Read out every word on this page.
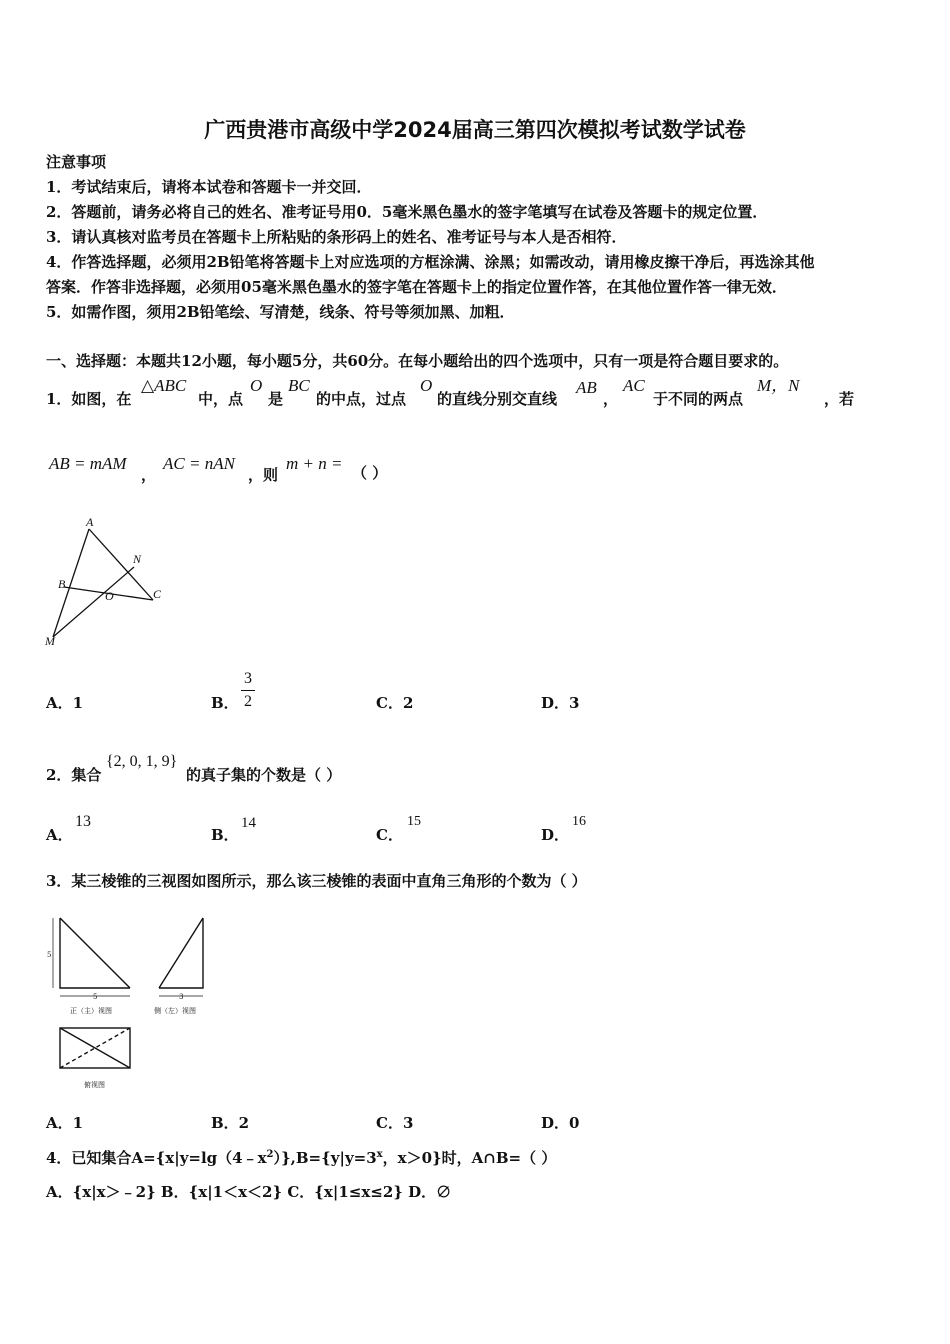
广西贵港市高级中学2024届高三第四次模拟考试数学试卷
注意事项
1．考试结束后，请将本试卷和答题卡一并交回．
2．答题前，请务必将自己的姓名、准考证号用0．5毫米黑色墨水的签字笔填写在试卷及答题卡的规定位置．
3．请认真核对监考员在答题卡上所粘贴的条形码上的姓名、准考证号与本人是否相符．
4．作答选择题，必须用2B铅笔将答题卡上对应选项的方框涂满、涂黑；如需改动，请用橡皮擦干净后，再选涂其他
答案．作答非选择题，必须用05毫米黑色墨水的签字笔在答题卡上的指定位置作答，在其他位置作答一律无效．
5．如需作图，须用2B铅笔绘、写清楚，线条、符号等须加黑、加粗．
一、选择题：本题共12小题，每小题5分，共60分。在每小题给出的四个选项中，只有一项是符合题目要求的。
1．如图，在
△ABC
中，点
O
是
BC
的中点，过点
O
的直线分别交直线
AB
，
AC
于不同的两点
M，N
，若
AB = mAM
，
AC = nAN
，则
m + n = （ ）
A
B
C
O
N
M
A．1	B．
3
2	C．2	D．3
2．集合
{2, 0, 1, 9}
的真子集的个数是（ ）
A．
13
B．
14
C．
15
D．
16
3．某三棱锥的三视图如图所示，那么该三棱锥的表面中直角三角形的个数为（ ）
5
5	3
正（主）视图	侧（左）视图
俯视图
A．1	B．2	C．3	D．0
4．已知集合$A=\{x|y=\lg(4﹣x^2)\},B=\{y|y=3^x$，x＞0}时，A∩B=（ ）
A．{x|x＞﹣2} B．{x|1＜x＜2} C．{x|1≤x≤2} D．∅
